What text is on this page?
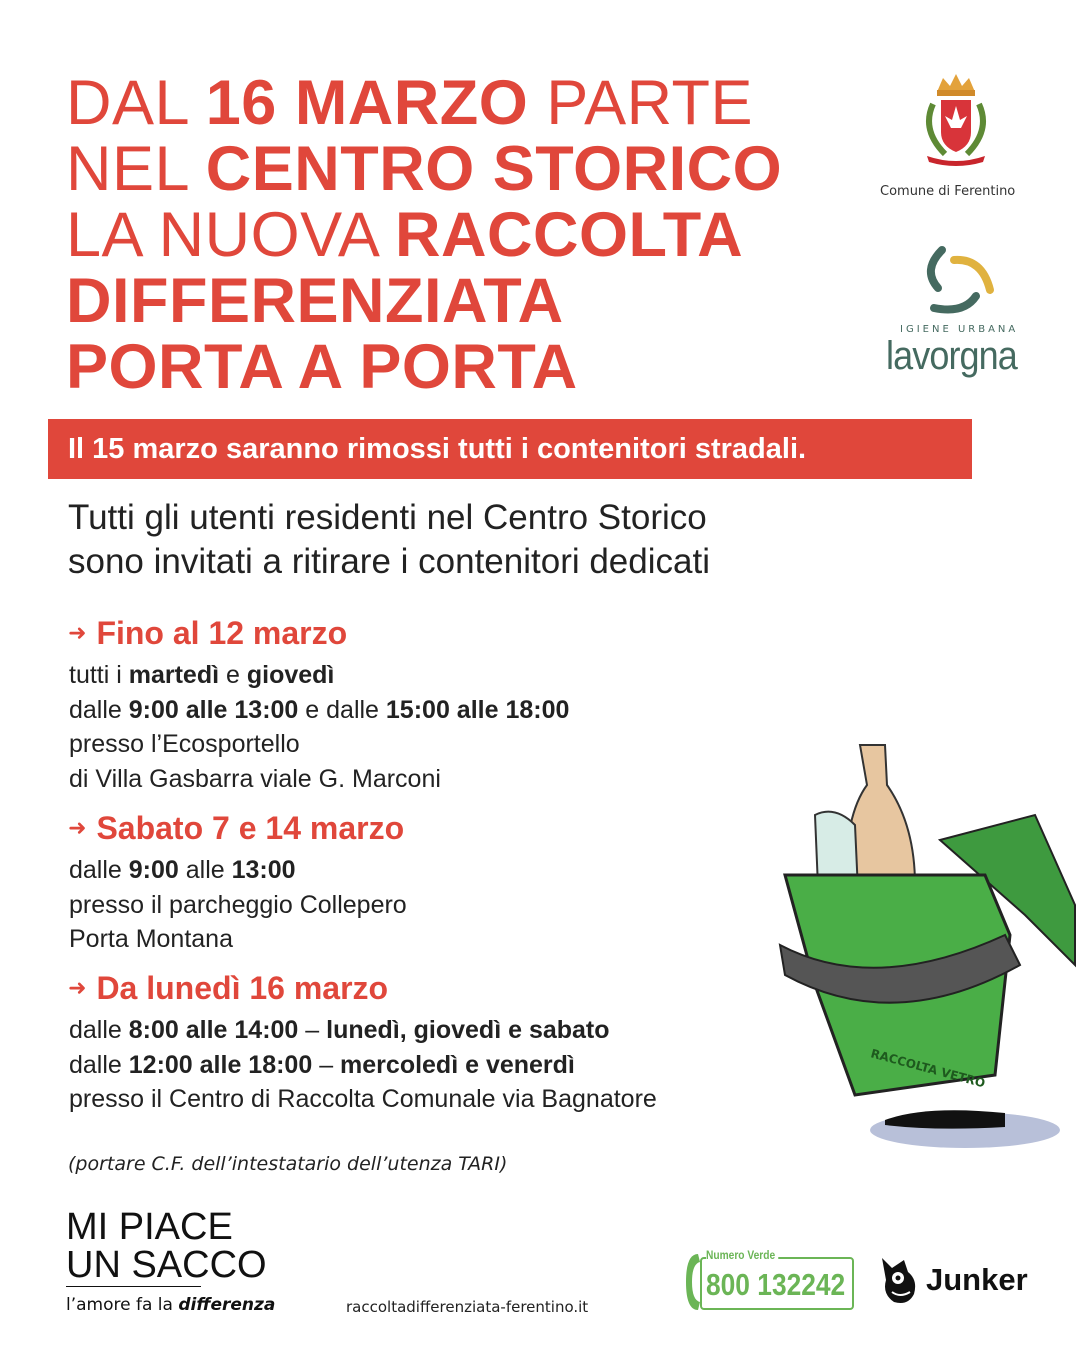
DAL 16 MARZO PARTE
NEL CENTRO STORICO
LA NUOVA RACCOLTA
DIFFERENZIATA
PORTA A PORTA
Comune di Ferentino
IGIENE URBANA
lavorgna
Il 15 marzo saranno rimossi tutti i contenitori stradali.
Tutti gli utenti residenti nel Centro Storico
sono invitati a ritirare i contenitori dedicati
➜ Fino al 12 marzo
tutti i martedì e giovedì
dalle 9:00 alle 13:00 e dalle 15:00 alle 18:00
presso l’Ecosportello
di Villa Gasbarra viale G. Marconi
➜ Sabato 7 e 14 marzo
dalle 9:00 alle 13:00
presso il parcheggio Collepero
Porta Montana
➜ Da lunedì 16 marzo
dalle 8:00 alle 14:00 – lunedì, giovedì e sabato
dalle 12:00 alle 18:00 – mercoledì e venerdì
presso il Centro di Raccolta Comunale via Bagnatore
(portare C.F. dell’intestatario dell’utenza TARI)
RACCOLTA VETRO
MI PIACE
UN SACCO
l’amore fa la differenza	raccoltadifferenziata-ferentino.it
Numero Verde
800 132242	Junker
